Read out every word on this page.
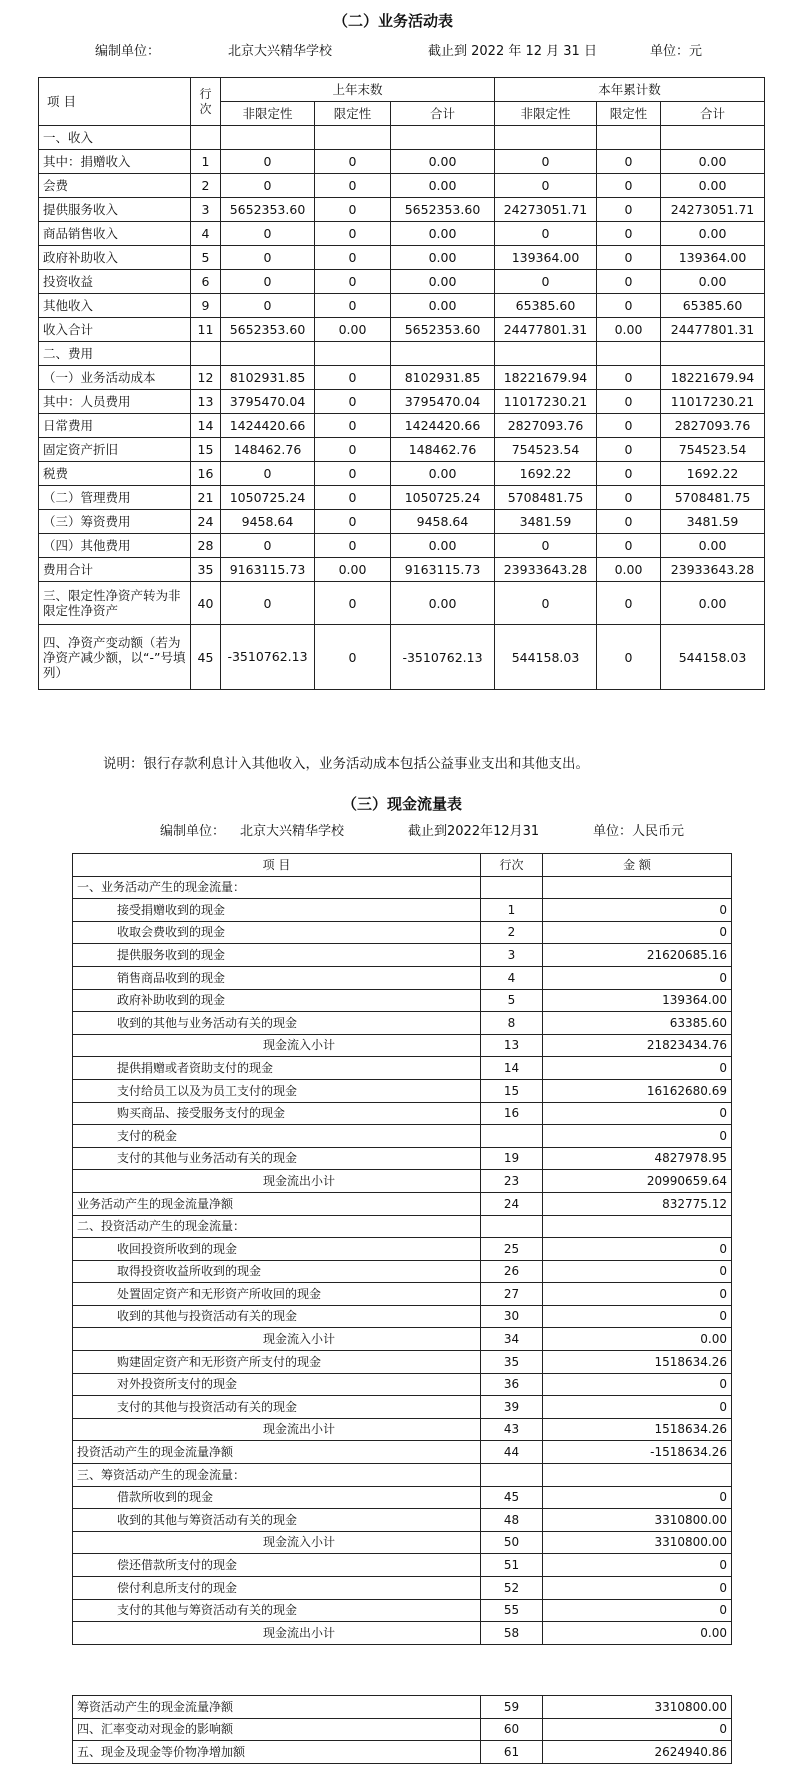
（二）业务活动表
编制单位：	北京大兴精华学校	截止到 2022 年 12 月 31 日	单位：元
项 目	行次	上年末数			本年累计数		
		非限定性	限定性	合计	非限定性	限定性	合计
一、收入							
其中：捐赠收入	1	0	0	0.00	0	0	0.00
会费	2	0	0	0.00	0	0	0.00
提供服务收入	3	5652353.60	0	5652353.60	24273051.71	0	24273051.71
商品销售收入	4	0	0	0.00	0	0	0.00
政府补助收入	5	0	0	0.00	139364.00	0	139364.00
投资收益	6	0	0	0.00	0	0	0.00
其他收入	9	0	0	0.00	65385.60	0	65385.60
收入合计	11	5652353.60	0.00	5652353.60	24477801.31	0.00	24477801.31
二、费用							
（一）业务活动成本	12	8102931.85	0	8102931.85	18221679.94	0	18221679.94
其中：人员费用	13	3795470.04	0	3795470.04	11017230.21	0	11017230.21
日常费用	14	1424420.66	0	1424420.66	2827093.76	0	2827093.76
固定资产折旧	15	148462.76	0	148462.76	754523.54	0	754523.54
税费	16	0	0	0.00	1692.22	0	1692.22
（二）管理费用	21	1050725.24	0	1050725.24	5708481.75	0	5708481.75
（三）筹资费用	24	9458.64	0	9458.64	3481.59	0	3481.59
（四）其他费用	28	0	0	0.00	0	0	0.00
费用合计	35	9163115.73	0.00	9163115.73	23933643.28	0.00	23933643.28
三、限定性净资产转为非限定性净资产	40	0	0	0.00	0	0	0.00
四、净资产变动额（若为净资产减少额，以“-”号填列）	45	-3510762.13	0	-3510762.13	544158.03	0	544158.03
说明：银行存款利息计入其他收入，业务活动成本包括公益事业支出和其他支出。
（三）现金流量表
编制单位： 北京大兴精华学校	截止到2022年12月31	单位：人民币元
项 目	行次	金 额
一、业务活动产生的现金流量：		
接受捐赠收到的现金	1	0
收取会费收到的现金	2	0
提供服务收到的现金	3	21620685.16
销售商品收到的现金	4	0
政府补助收到的现金	5	139364.00
收到的其他与业务活动有关的现金	8	63385.60
现金流入小计	13	21823434.76
提供捐赠或者资助支付的现金	14	0
支付给员工以及为员工支付的现金	15	16162680.69
购买商品、接受服务支付的现金	16	0
支付的税金		0
支付的其他与业务活动有关的现金	19	4827978.95
现金流出小计	23	20990659.64
业务活动产生的现金流量净额	24	832775.12
二、投资活动产生的现金流量：		
收回投资所收到的现金	25	0
取得投资收益所收到的现金	26	0
处置固定资产和无形资产所收回的现金	27	0
收到的其他与投资活动有关的现金	30	0
现金流入小计	34	0.00
购建固定资产和无形资产所支付的现金	35	1518634.26
对外投资所支付的现金	36	0
支付的其他与投资活动有关的现金	39	0
现金流出小计	43	1518634.26
投资活动产生的现金流量净额	44	-1518634.26
三、筹资活动产生的现金流量：		
借款所收到的现金	45	0
收到的其他与筹资活动有关的现金	48	3310800.00
现金流入小计	50	3310800.00
偿还借款所支付的现金	51	0
偿付利息所支付的现金	52	0
支付的其他与筹资活动有关的现金	55	0
现金流出小计	58	0.00
筹资活动产生的现金流量净额	59	3310800.00
四、汇率变动对现金的影响额	60	0
五、现金及现金等价物净增加额	61	2624940.86
